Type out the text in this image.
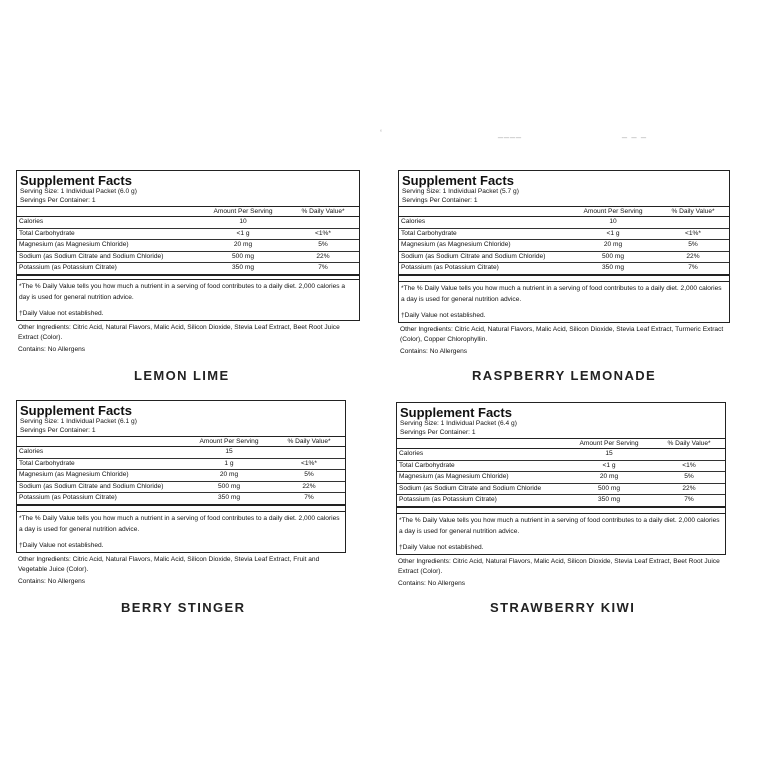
‘	____	_ _ _
Supplement Facts
Serving Size: 1 Individual Packet (6.0 g)
Servings Per Container: 1
Amount Per Serving	% Daily Value*
Calories	10
Total Carbohydrate	<1 g	<1%*
Magnesium (as Magnesium Chloride)	20 mg	5%
Sodium (as Sodium Citrate and Sodium Chloride)	500 mg	22%
Potassium (as Potassium Citrate)	350 mg	7%
*The % Daily Value tells you how much a nutrient in a serving of food contributes to a daily diet. 2,000 calories a day is used for general nutrition advice.
†Daily Value not established.
Other Ingredients: Citric Acid, Natural Flavors, Malic Acid, Silicon Dioxide, Stevia Leaf Extract, Beet Root Juice Extract (Color).
Contains: No Allergens
LEMON LIME
Supplement Facts
Serving Size: 1 Individual Packet (5.7 g)
Servings Per Container: 1
Amount Per Serving	% Daily Value*
Calories	10
Total Carbohydrate	<1 g	<1%*
Magnesium (as Magnesium Chloride)	20 mg	5%
Sodium (as Sodium Citrate and Sodium Chloride)	500 mg	22%
Potassium (as Potassium Citrate)	350 mg	7%
*The % Daily Value tells you how much a nutrient in a serving of food contributes to a daily diet. 2,000 calories a day is used for general nutrition advice.
†Daily Value not established.
Other Ingredients: Citric Acid, Natural Flavors, Malic Acid, Silicon Dioxide, Stevia Leaf Extract, Turmeric Extract (Color), Copper Chlorophyllin.
Contains: No Allergens
RASPBERRY LEMONADE
Supplement Facts
Serving Size: 1 Individual Packet (6.1 g)
Servings Per Container: 1
Amount Per Serving	% Daily Value*
Calories	15
Total Carbohydrate	1 g	<1%*
Magnesium (as Magnesium Chloride)	20 mg	5%
Sodium (as Sodium Citrate and Sodium Chloride)	500 mg	22%
Potassium (as Potassium Citrate)	350 mg	7%
*The % Daily Value tells you how much a nutrient in a serving of food contributes to a daily diet. 2,000 calories a day is used for general nutrition advice.
†Daily Value not established.
Other Ingredients: Citric Acid, Natural Flavors, Malic Acid, Silicon Dioxide, Stevia Leaf Extract, Fruit and Vegetable Juice (Color).
Contains: No Allergens
BERRY STINGER
Supplement Facts
Serving Size: 1 Individual Packet (6.4 g)
Servings Per Container: 1
Amount Per Serving	% Daily Value*
Calories	15
Total Carbohydrate	<1 g	<1%
Magnesium (as Magnesium Chloride)	20 mg	5%
Sodium (as Sodium Citrate and Sodium Chloride	500 mg	22%
Potassium (as Potassium Citrate)	350 mg	7%
*The % Daily Value tells you how much a nutrient in a serving of food contributes to a daily diet. 2,000 calories a day is used for general nutrition advice.
†Daily Value not established.
Other Ingredients: Citric Acid, Natural Flavors, Malic Acid, Silicon Dioxide, Stevia Leaf Extract, Beet Root Juice Extract (Color).
Contains: No Allergens
STRAWBERRY KIWI
